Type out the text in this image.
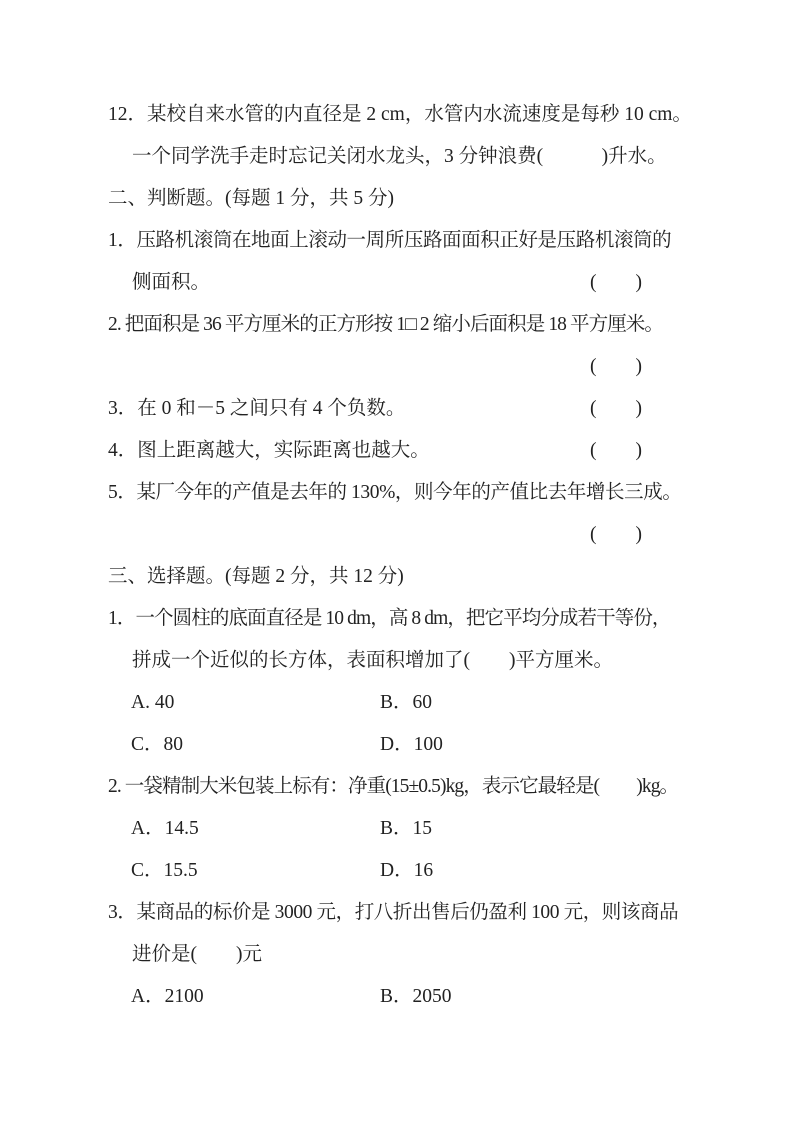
12．某校自来水管的内直径是 2 cm，水管内水流速度是每秒 10 cm。

一个同学洗手走时忘记关闭水龙头，3 分钟浪费(　　　)升水。

二、判断题。(每题 1 分，共 5 分)

1．压路机滚筒在地面上滚动一周所压路面面积正好是压路机滚筒的

侧面积。	(　　)

2. 把面积是 36 平方厘米的正方形按 1□ 2 缩小后面积是 18 平方厘米。

(　　)

3．在 0 和－5 之间只有 4 个负数。	(　　)

4．图上距离越大，实际距离也越大。	(　　)

5．某厂今年的产值是去年的 130%，则今年的产值比去年增长三成。

(　　)

三、选择题。(每题 2 分，共 12 分)

1．一个圆柱的底面直径是 10 dm，高 8 dm，把它平均分成若干等份，

拼成一个近似的长方体，表面积增加了(　　)平方厘米。

A. 40	B．60

C．80	D．100

2. 一袋精制大米包装上标有：净重(15±0.5)kg，表示它最轻是(　　)kg。

A．14.5	B．15

C．15.5	D．16

3．某商品的标价是 3000 元，打八折出售后仍盈利 100 元，则该商品

进价是(　　)元

A．2100	B．2050
